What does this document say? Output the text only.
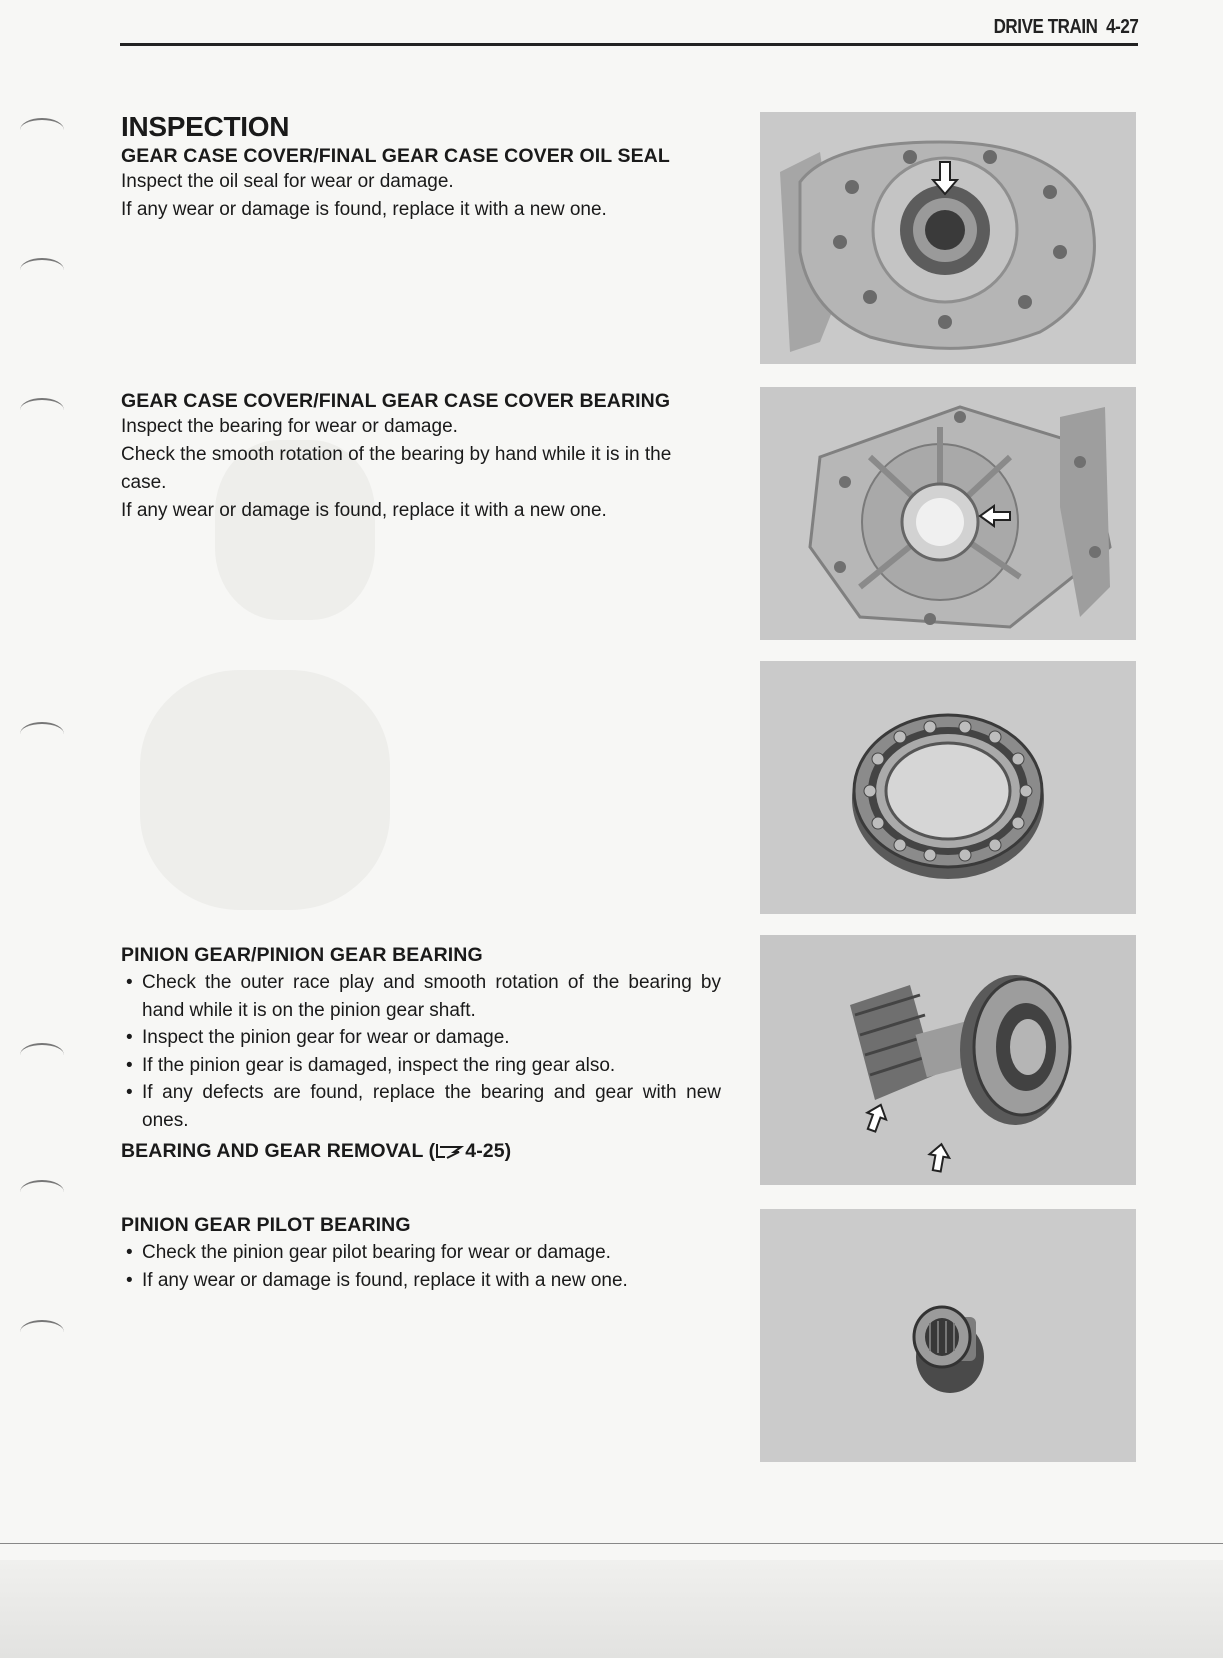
DRIVE TRAIN 4-27
INSPECTION

GEAR CASE COVER/FINAL GEAR CASE COVER OIL SEAL

Inspect the oil seal for wear or damage.

If any wear or damage is found, replace it with a new one.

GEAR CASE COVER/FINAL GEAR CASE COVER BEARING

Inspect the bearing for wear or damage.

Check the smooth rotation of the bearing by hand while it is in the case.

If any wear or damage is found, replace it with a new one.

PINION GEAR/PINION GEAR BEARING

• Check the outer race play and smooth rotation of the bearing by hand while it is on the pinion gear shaft.
• Inspect the pinion gear for wear or damage.
• If the pinion gear is damaged, inspect the ring gear also.
• If any defects are found, replace the bearing and gear with new ones.

BEARING AND GEAR REMOVAL ( 4-25)

PINION GEAR PILOT BEARING

• Check the pinion gear pilot bearing for wear or damage.
• If any wear or damage is found, replace it with a new one.
